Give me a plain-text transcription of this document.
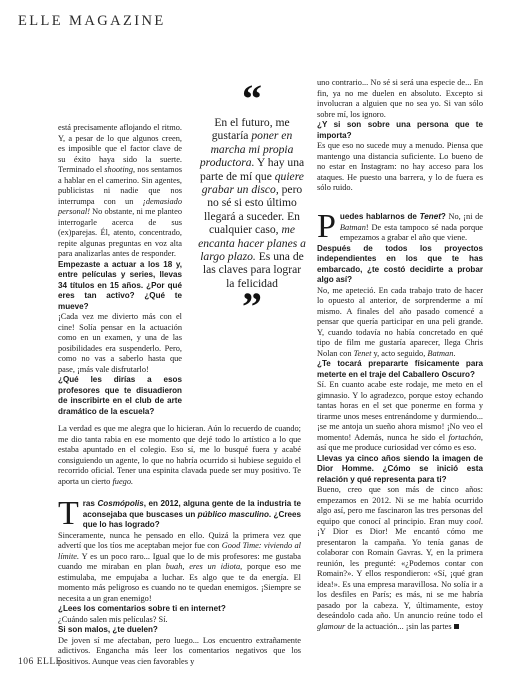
ELLE MAGAZINE

está precisamente aflojando el ritmo. Y, a pesar de lo que algunos creen, es imposible que el factor clave de su éxito haya sido la suerte. Terminado el shooting, nos sentamos a hablar en el camerino. Sin agentes, publicistas ni nadie que nos interrumpa con un ¡demasiado personal! No obstante, ni me planteo interrogarle acerca de sus (ex)parejas. Él, atento, concentrado, repite algunas preguntas en voz alta para analizarlas antes de responder.

Empezaste a actuar a los 18 y, entre películas y series, llevas 34 títulos en 15 años. ¿Por qué eres tan activo? ¿Qué te mueve?

¡Cada vez me divierto más con el cine! Solía pensar en la actuación como en un examen, y una de las posibilidades era suspenderlo. Pero, como no vas a saberlo hasta que pase, ¡más vale disfrutarlo!

¿Qué les dirías a esos profesores que te disuadieron de inscribirte en el club de arte dramático de la escuela?

“
En el futuro, me gustaría poner en marcha mi propia productora. Y hay una parte de mí que quiere grabar un disco, pero no sé si esto último llegará a suceder. En cualquier caso, me encanta hacer planes a largo plazo. Es una de las claves para lograr la felicidad
”

La verdad es que me alegra que lo hicieran. Aún lo recuerdo de cuando; me dio tanta rabia en ese momento que dejé todo lo artístico a lo que estaba apuntado en el colegio. Eso sí, me lo busqué fuera y acabé consiguiendo un agente, lo que no habría ocurrido si hubiese seguido el recorrido oficial. Tener una espinita clavada puede ser muy positivo. Te aporta un cierto fuego.

Tras Cosmópolis, en 2012, alguna gente de la industria te aconsejaba que buscases un público masculino. ¿Crees que lo has logrado?

Sinceramente, nunca he pensado en ello. Quizá la primera vez que advertí que los tíos me aceptaban mejor fue con Good Time: viviendo al límite. Y es un poco raro... Igual que lo de mis profesores: me gustaba cuando me miraban en plan buah, eres un idiota, porque eso me estimulaba, me empujaba a luchar. Es algo que te da energía. El momento más peligroso es cuando no te quedan enemigos. ¡Siempre se necesita a un gran enemigo!

¿Lees los comentarios sobre ti en internet?

¿Cuándo salen mis películas? Sí.

Si son malos, ¿te duelen?

De joven sí me afectaban, pero luego... Los encuentro extrañamente adictivos. Engancha más leer los comentarios negativos que los positivos. Aunque veas cien favorables y

uno contrario... No sé si será una especie de... En fin, ya no me duelen en absoluto. Excepto si involucran a alguien que no sea yo. Si van sólo sobre mí, los ignoro.

¿Y si son sobre una persona que te importa?

Es que eso no sucede muy a menudo. Piensa que mantengo una distancia suficiente. Lo bueno de no estar en Instagram: no hay acceso para los ataques. He puesto una barrera, y lo de fuera es sólo ruido.

Puedes hablarnos de Tenet? No, ¡ni de Batman! De esta tampoco sé nada porque empezamos a grabar el año que viene.

Después de todos los proyectos independientes en los que te has embarcado, ¿te costó decidirte a probar algo así?

No, me apeteció. En cada trabajo trato de hacer lo opuesto al anterior, de sorprenderme a mí mismo. A finales del año pasado comencé a pensar que quería participar en una peli grande. Y, cuando todavía no había concretado en qué tipo de film me gustaría aparecer, llega Chris Nolan con Tenet y, acto seguido, Batman.

¿Te tocará prepararte físicamente para meterte en el traje del Caballero Oscuro?

Sí. En cuanto acabe este rodaje, me meto en el gimnasio. Y lo agradezco, porque estoy echando tantas horas en el set que ponerme en forma y tirarme unos meses entrenándome y durmiendo... ¡se me antoja un sueño ahora mismo! ¡No veo el momento! Además, nunca he sido el fortachón, así que me produce curiosidad ver cómo es eso.

Llevas ya cinco años siendo la imagen de Dior Homme. ¿Cómo se inició esta relación y qué representa para ti?

Bueno, creo que son más de cinco años: empezamos en 2012. Ni se me había ocurrido algo así, pero me fascinaron las tres personas del equipo que conocí al principio. Eran muy cool. ¡Y Dior es Dior! Me encantó cómo me presentaron la campaña. Yo tenía ganas de colaborar con Romain Gavras. Y, en la primera reunión, les pregunté: «¿Podemos contar con Romain?». Y ellos respondieron: «Sí, ¡qué gran idea!». Es una empresa maravillosa. No solía ir a los desfiles en París; es más, ni se me habría pasado por la cabeza. Y, últimamente, estoy deseándolo cada año. Un anuncio reúne todo el glamour de la actuación... ¡sin las partes

106 ELLE
